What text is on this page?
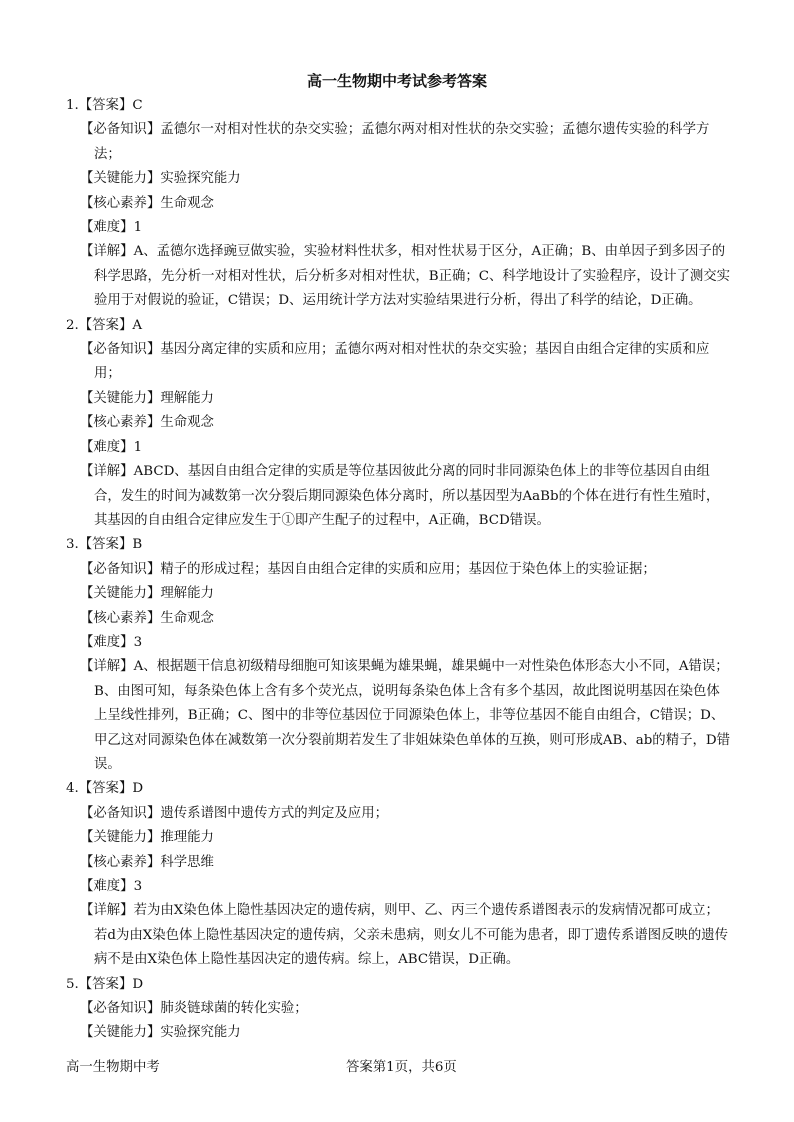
高一生物期中考试参考答案

1.【答案】C

【必备知识】孟德尔一对相对性状的杂交实验；孟德尔两对相对性状的杂交实验；孟德尔遗传实验的科学方法；

【关键能力】实验探究能力

【核心素养】生命观念

【难度】1

【详解】A、孟德尔选择豌豆做实验，实验材料性状多，相对性状易于区分，A正确；B、由单因子到多因子的科学思路，先分析一对相对性状，后分析多对相对性状，B正确；C、科学地设计了实验程序，设计了测交实验用于对假说的验证，C错误；D、运用统计学方法对实验结果进行分析，得出了科学的结论，D正确。

2.【答案】A

【必备知识】基因分离定律的实质和应用；孟德尔两对相对性状的杂交实验；基因自由组合定律的实质和应用；

【关键能力】理解能力

【核心素养】生命观念

【难度】1

【详解】ABCD、基因自由组合定律的实质是等位基因彼此分离的同时非同源染色体上的非等位基因自由组合，发生的时间为减数第一次分裂后期同源染色体分离时，所以基因型为AaBb的个体在进行有性生殖时，其基因的自由组合定律应发生于①即产生配子的过程中，A正确，BCD错误。

3.【答案】B

【必备知识】精子的形成过程；基因自由组合定律的实质和应用；基因位于染色体上的实验证据；

【关键能力】理解能力

【核心素养】生命观念

【难度】3

【详解】A、根据题干信息初级精母细胞可知该果蝇为雄果蝇，雄果蝇中一对性染色体形态大小不同，A错误；B、由图可知，每条染色体上含有多个荧光点，说明每条染色体上含有多个基因，故此图说明基因在染色体上呈线性排列，B正确；C、图中的非等位基因位于同源染色体上，非等位基因不能自由组合，C错误；D、甲乙这对同源染色体在减数第一次分裂前期若发生了非姐妹染色单体的互换，则可形成AB、ab的精子，D错误。

4.【答案】D

【必备知识】遗传系谱图中遗传方式的判定及应用；

【关键能力】推理能力

【核心素养】科学思维

【难度】3

【详解】若为由X染色体上隐性基因决定的遗传病，则甲、乙、丙三个遗传系谱图表示的发病情况都可成立；若d为由X染色体上隐性基因决定的遗传病，父亲未患病，则女儿不可能为患者，即丁遗传系谱图反映的遗传病不是由X染色体上隐性基因决定的遗传病。综上，ABC错误，D正确。

5.【答案】D

【必备知识】肺炎链球菌的转化实验；

【关键能力】实验探究能力

高一生物期中考	答案第1页，共6页
